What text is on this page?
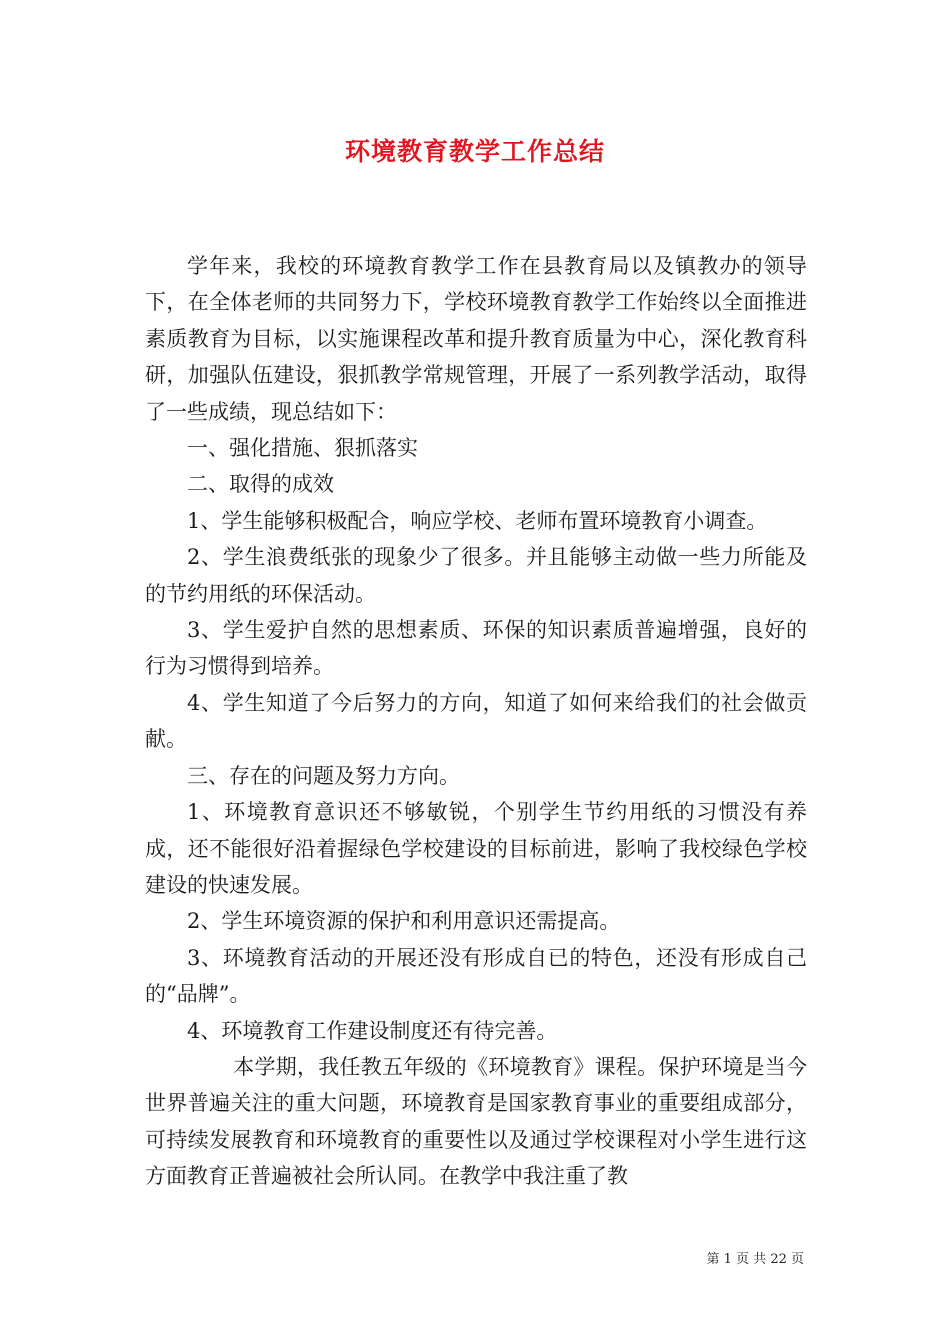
环境教育教学工作总结

学年来，我校的环境教育教学工作在县教育局以及镇教办的领导下，在全体老师的共同努力下，学校环境教育教学工作始终以全面推进素质教育为目标，以实施课程改革和提升教育质量为中心，深化教育科研，加强队伍建设，狠抓教学常规管理，开展了一系列教学活动，取得了一些成绩，现总结如下：

一、强化措施、狠抓落实

二、取得的成效

1、学生能够积极配合，响应学校、老师布置环境教育小调查。

2、学生浪费纸张的现象少了很多。并且能够主动做一些力所能及的节约用纸的环保活动。

3、学生爱护自然的思想素质、环保的知识素质普遍增强，良好的行为习惯得到培养。

4、学生知道了今后努力的方向，知道了如何来给我们的社会做贡献。

三、存在的问题及努力方向。

1、环境教育意识还不够敏锐，个别学生节约用纸的习惯没有养成，还不能很好沿着握绿色学校建设的目标前进，影响了我校绿色学校建设的快速发展。

2、学生环境资源的保护和利用意识还需提高。

3、环境教育活动的开展还没有形成自已的特色，还没有形成自己的“品牌”。

4、环境教育工作建设制度还有待完善。

本学期，我任教五年级的《环境教育》课程。保护环境是当今世界普遍关注的重大问题，环境教育是国家教育事业的重要组成部分，可持续发展教育和环境教育的重要性以及通过学校课程对小学生进行这方面教育正普遍被社会所认同。在教学中我注重了教

第 1 页 共 22 页
